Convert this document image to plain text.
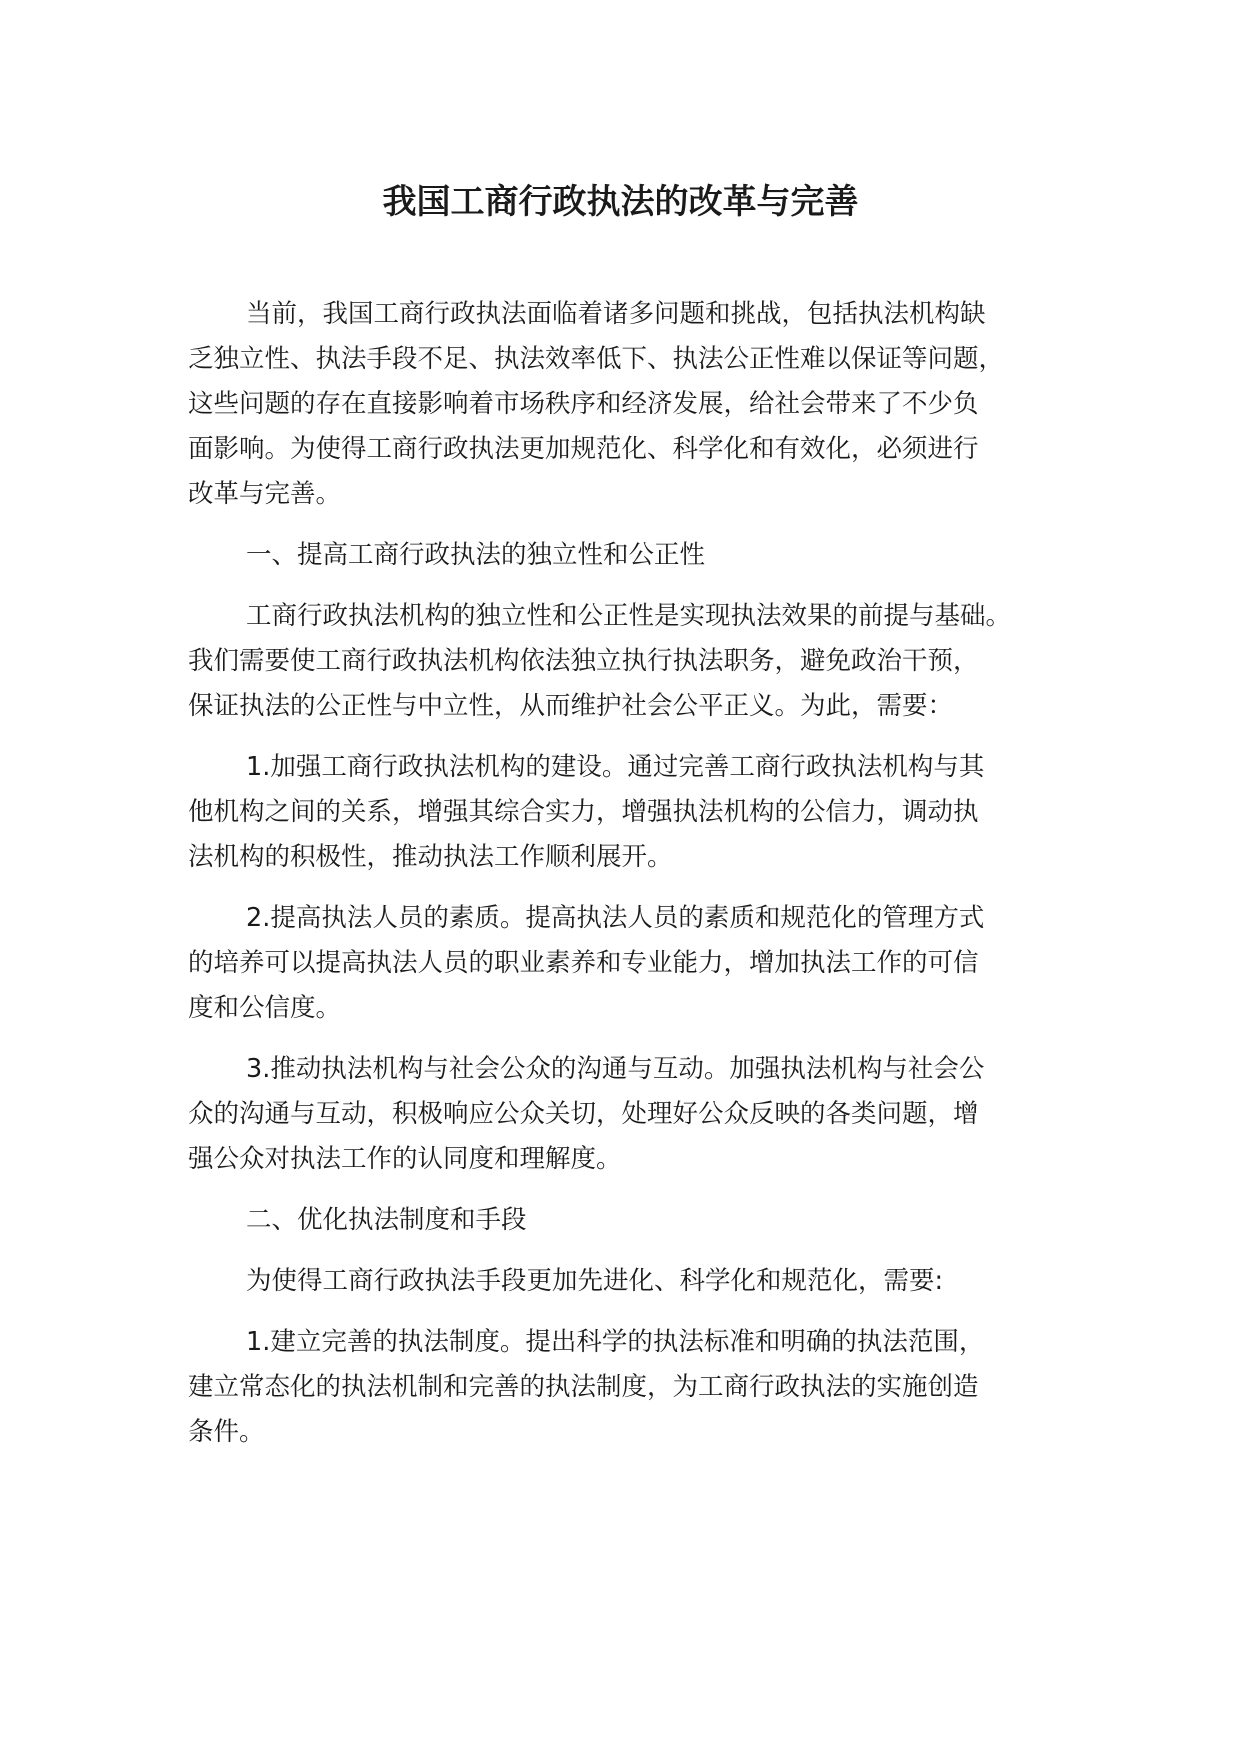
我国工商行政执法的改革与完善
当前，我国工商行政执法面临着诸多问题和挑战，包括执法机构缺
乏独立性、执法手段不足、执法效率低下、执法公正性难以保证等问题，
这些问题的存在直接影响着市场秩序和经济发展，给社会带来了不少负
面影响。为使得工商行政执法更加规范化、科学化和有效化，必须进行
改革与完善。
一、提高工商行政执法的独立性和公正性
工商行政执法机构的独立性和公正性是实现执法效果的前提与基础。
我们需要使工商行政执法机构依法独立执行执法职务，避免政治干预，
保证执法的公正性与中立性，从而维护社会公平正义。为此，需要：
1.加强工商行政执法机构的建设。通过完善工商行政执法机构与其
他机构之间的关系，增强其综合实力，增强执法机构的公信力，调动执
法机构的积极性，推动执法工作顺利展开。
2.提高执法人员的素质。提高执法人员的素质和规范化的管理方式
的培养可以提高执法人员的职业素养和专业能力，增加执法工作的可信
度和公信度。
3.推动执法机构与社会公众的沟通与互动。加强执法机构与社会公
众的沟通与互动，积极响应公众关切，处理好公众反映的各类问题，增
强公众对执法工作的认同度和理解度。
二、优化执法制度和手段
为使得工商行政执法手段更加先进化、科学化和规范化，需要:
1.建立完善的执法制度。提出科学的执法标准和明确的执法范围，
建立常态化的执法机制和完善的执法制度，为工商行政执法的实施创造
条件。
